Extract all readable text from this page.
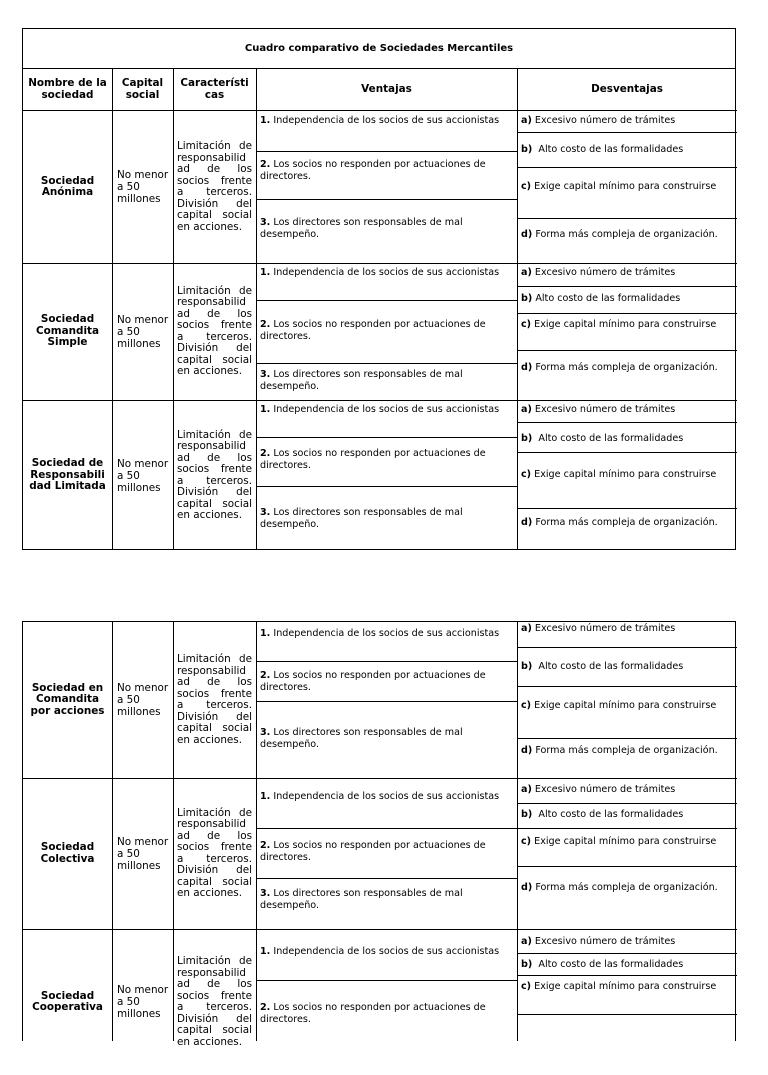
Cuadro comparativo de Sociedades Mercantiles
Nombre de la sociedad
Capital social
Característi cas	Ventajas	Desventajas
Sociedad Anónima
No menor a 50 millones
Limitación de responsabilid ad de los socios frente a terceros. División del capital social en acciones.
1. Independencia de los socios de sus accionistas
2. Los socios no responden por actuaciones de directores.
3. Los directores son responsables de mal desempeño.
a) Excesivo número de trámites
b) Alto costo de las formalidades
c) Exige capital mínimo para construirse
d) Forma más compleja de organización.
Sociedad Comandita Simple
No menor a 50 millones
Limitación de responsabilid ad de los socios frente a terceros. División del capital social en acciones.
1. Independencia de los socios de sus accionistas
2. Los socios no responden por actuaciones de directores.
3. Los directores son responsables de mal desempeño.
a) Excesivo número de trámites
b) Alto costo de las formalidades
c) Exige capital mínimo para construirse
d) Forma más compleja de organización.
Sociedad de Responsabili dad Limitada
No menor a 50 millones
Limitación de responsabilid ad de los socios frente a terceros. División del capital social en acciones.
1. Independencia de los socios de sus accionistas
2. Los socios no responden por actuaciones de directores.
3. Los directores son responsables de mal desempeño.
a) Excesivo número de trámites
b) Alto costo de las formalidades
c) Exige capital mínimo para construirse
d) Forma más compleja de organización.
Sociedad en Comandita por acciones
No menor a 50 millones
Limitación de responsabilid ad de los socios frente a terceros. División del capital social en acciones.
1. Independencia de los socios de sus accionistas
2. Los socios no responden por actuaciones de directores.
3. Los directores son responsables de mal desempeño.
a) Excesivo número de trámites
b) Alto costo de las formalidades
c) Exige capital mínimo para construirse
d) Forma más compleja de organización.
Sociedad Colectiva
No menor a 50 millones
Limitación de responsabilid ad de los socios frente a terceros. División del capital social en acciones.
1. Independencia de los socios de sus accionistas
2. Los socios no responden por actuaciones de directores.
3. Los directores son responsables de mal desempeño.
a) Excesivo número de trámites
b) Alto costo de las formalidades
c) Exige capital mínimo para construirse
d) Forma más compleja de organización.
Sociedad Cooperativa
No menor a 50 millones
Limitación de responsabilid ad de los socios frente a terceros. División del capital social en acciones.
1. Independencia de los socios de sus accionistas
2. Los socios no responden por actuaciones de directores.
a) Excesivo número de trámites
b) Alto costo de las formalidades
c) Exige capital mínimo para construirse
